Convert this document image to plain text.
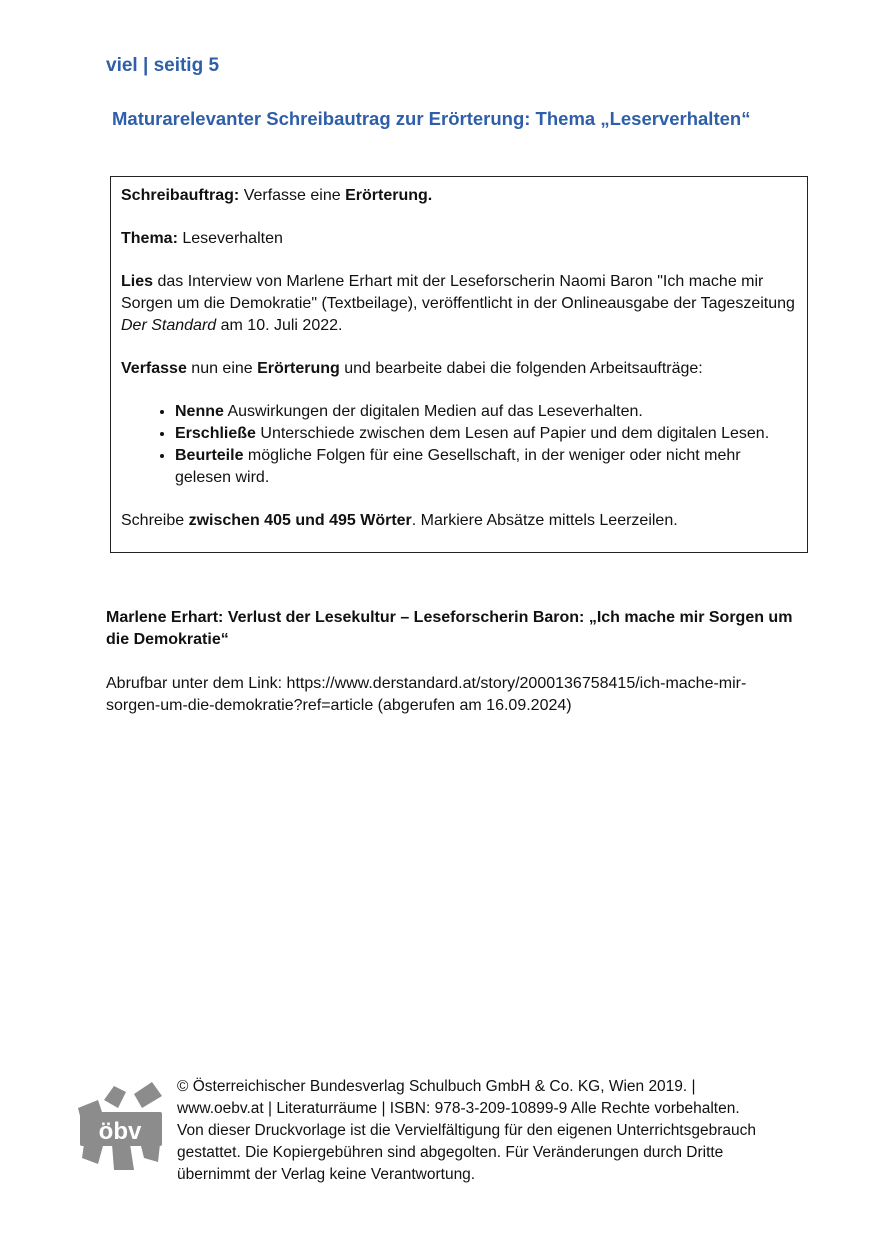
viel | seitig 5
Maturarelevanter Schreibautrag zur Erörterung: Thema „Leserverhalten“

Schreibauftrag: Verfasse eine Erörterung.

Thema: Leseverhalten

Lies das Interview von Marlene Erhart mit der Leseforscherin Naomi Baron "Ich mache mir Sorgen um die Demokratie" (Textbeilage), veröffentlicht in der Onlineausgabe der Tageszeitung Der Standard am 10. Juli 2022.

Verfasse nun eine Erörterung und bearbeite dabei die folgenden Arbeitsaufträge:

• Nenne Auswirkungen der digitalen Medien auf das Leseverhalten.
• Erschließe Unterschiede zwischen dem Lesen auf Papier und dem digitalen Lesen.
• Beurteile mögliche Folgen für eine Gesellschaft, in der weniger oder nicht mehr gelesen wird.

Schreibe zwischen 405 und 495 Wörter. Markiere Absätze mittels Leerzeilen.

Marlene Erhart: Verlust der Lesekultur – Leseforscherin Baron: „Ich mache mir Sorgen um die Demokratie“
Abrufbar unter dem Link: https://www.derstandard.at/story/2000136758415/ich-mache-mir-sorgen-um-die-demokratie?ref=article (abgerufen am 16.09.2024)
öbv
© Österreichischer Bundesverlag Schulbuch GmbH & Co. KG, Wien 2019. | www.oebv.at | Literaturräume | ISBN: 978-3-209-10899-9 Alle Rechte vorbehalten. Von dieser Druckvorlage ist die Vervielfältigung für den eigenen Unterrichtsgebrauch gestattet. Die Kopiergebühren sind abgegolten. Für Veränderungen durch Dritte übernimmt der Verlag keine Verantwortung.
